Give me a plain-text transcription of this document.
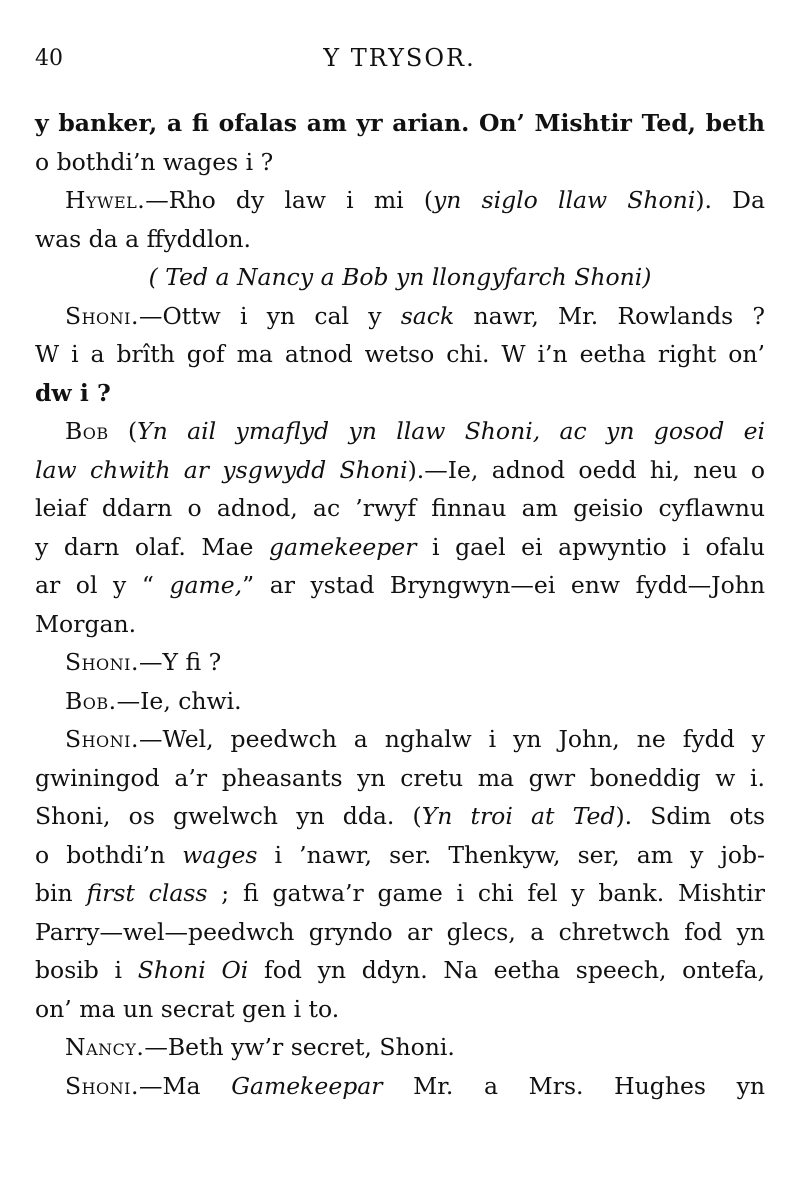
40	Y TRYSOR.
y banker, a fi ofalas am yr arian. On’ Mishtir Ted, beth
o bothdi’n wages i ?
Hywel.—Rho dy law i mi (yn siglo llaw Shoni). Da
was da a ffyddlon.
( Ted a Nancy a Bob yn llongyfarch Shoni)
Shoni.—Ottw i yn cal y sack nawr, Mr. Rowlands ?
W i a brîth gof ma atnod wetso chi. W i’n eetha right on’
dw i ?
Bob (Yn ail ymaflyd yn llaw Shoni, ac yn gosod ei
law chwith ar ysgwydd Shoni).—Ie, adnod oedd hi, neu o
leiaf ddarn o adnod, ac ’rwyf finnau am geisio cyflawnu
y darn olaf. Mae gamekeeper i gael ei apwyntio i ofalu
ar ol y “ game,” ar ystad Bryngwyn—ei enw fydd—John
Morgan.
Shoni.—Y fi ?
Bob.—Ie, chwi.
Shoni.—Wel, peedwch a nghalw i yn John, ne fydd y
gwiningod a’r pheasants yn cretu ma gwr boneddig w i.
Shoni, os gwelwch yn dda. (Yn troi at Ted). Sdim ots
o bothdi’n wages i ’nawr, ser. Thenkyw, ser, am y job-
bin first class ; fi gatwa’r game i chi fel y bank. Mishtir
Parry—wel—peedwch gryndo ar glecs, a chretwch fod yn
bosib i Shoni Oi fod yn ddyn. Na eetha speech, ontefa,
on’ ma un secrat gen i to.
Nancy.—Beth yw’r secret, Shoni.
Shoni.—Ma Gamekeepar Mr. a Mrs. Hughes yn
